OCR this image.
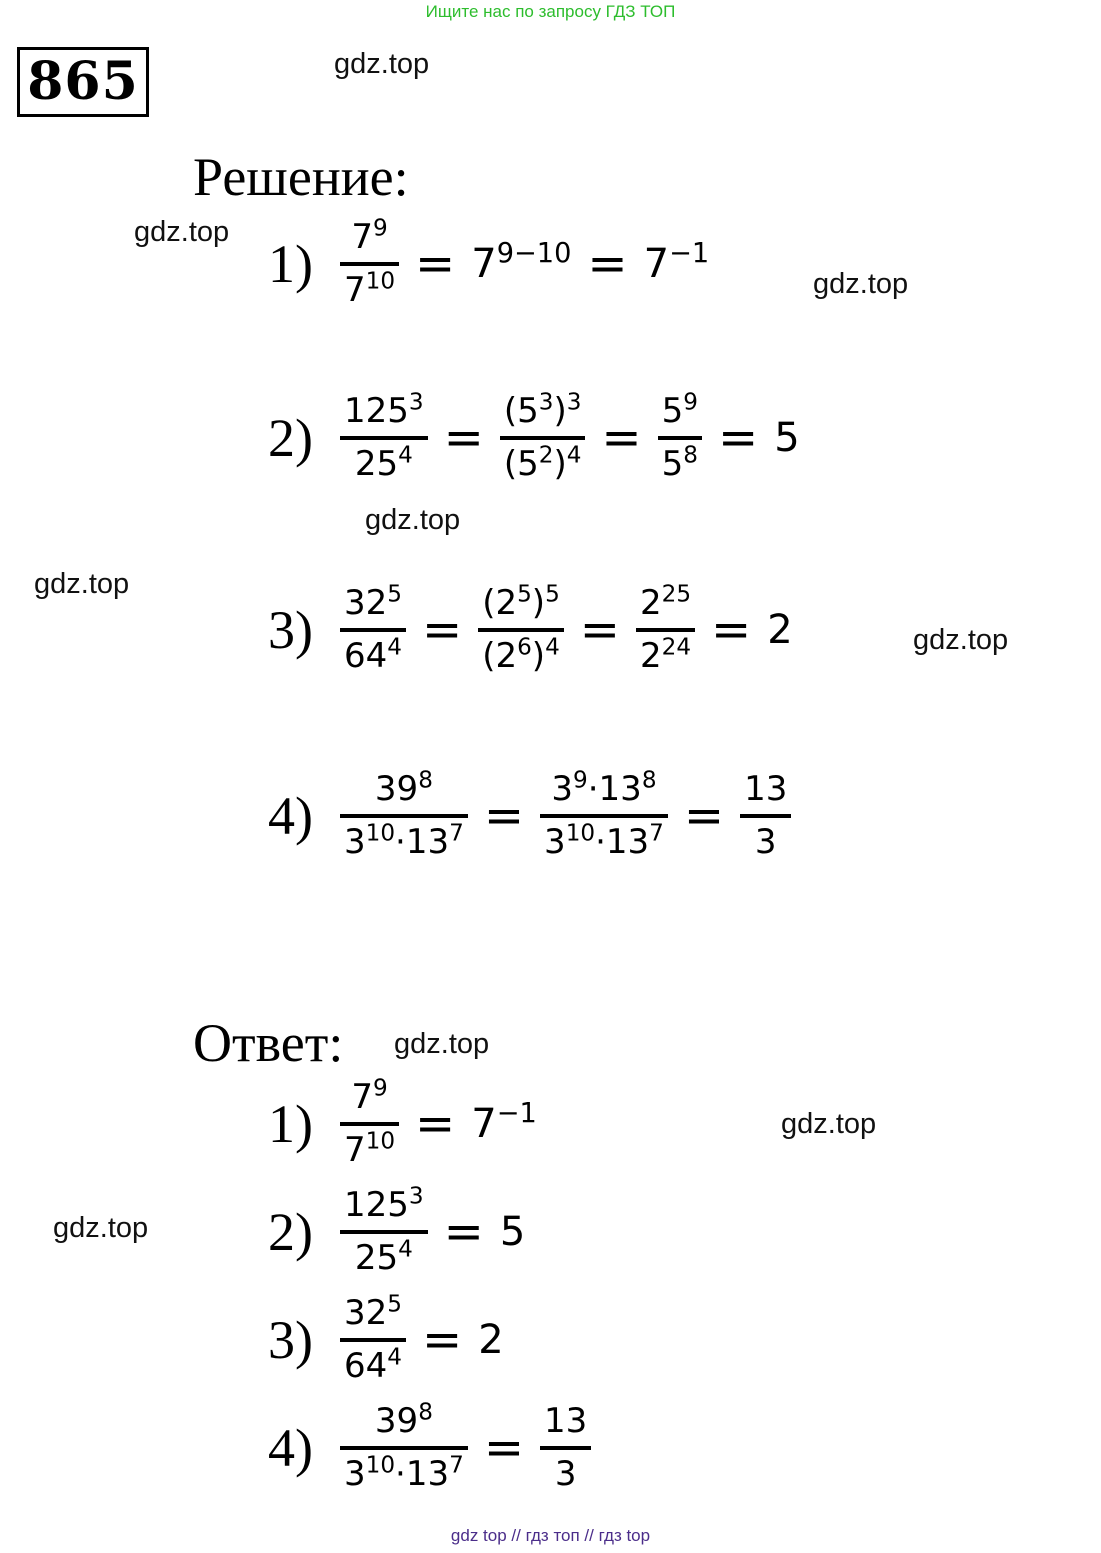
Ищите нас по запросу ГДЗ ТОП
865	gdz.top
gdz.top
gdz.top
gdz.top
gdz.top
gdz.top
gdz.top
gdz.top
gdz.top
Решение:
$1) \frac{7^9}{7^{10}} = 7^{9-10} = 7^{-1}$
$2) \frac{125^3}{25^4} = \frac{(5^3)^3}{(5^2)^4} = \frac{5^9}{5^8} = 5$
$3) \frac{32^5}{64^4} = \frac{(2^5)^5}{(2^6)^4} = \frac{2^{25}}{2^{24}} = 2$
$4) \frac{39^8}{3^{10}\cdot 13^7} = \frac{3^9\cdot 13^8}{3^{10}\cdot 13^7} = \frac{13}{3}$
Ответ:
$1) \frac{7^9}{7^{10}} = 7^{-1}$
$2) \frac{125^3}{25^4} = 5$
$3) \frac{32^5}{64^4} = 2$
$4) \frac{39^8}{3^{10}\cdot 13^7} = \frac{13}{3}$
gdz top // гдз топ // гдз top
